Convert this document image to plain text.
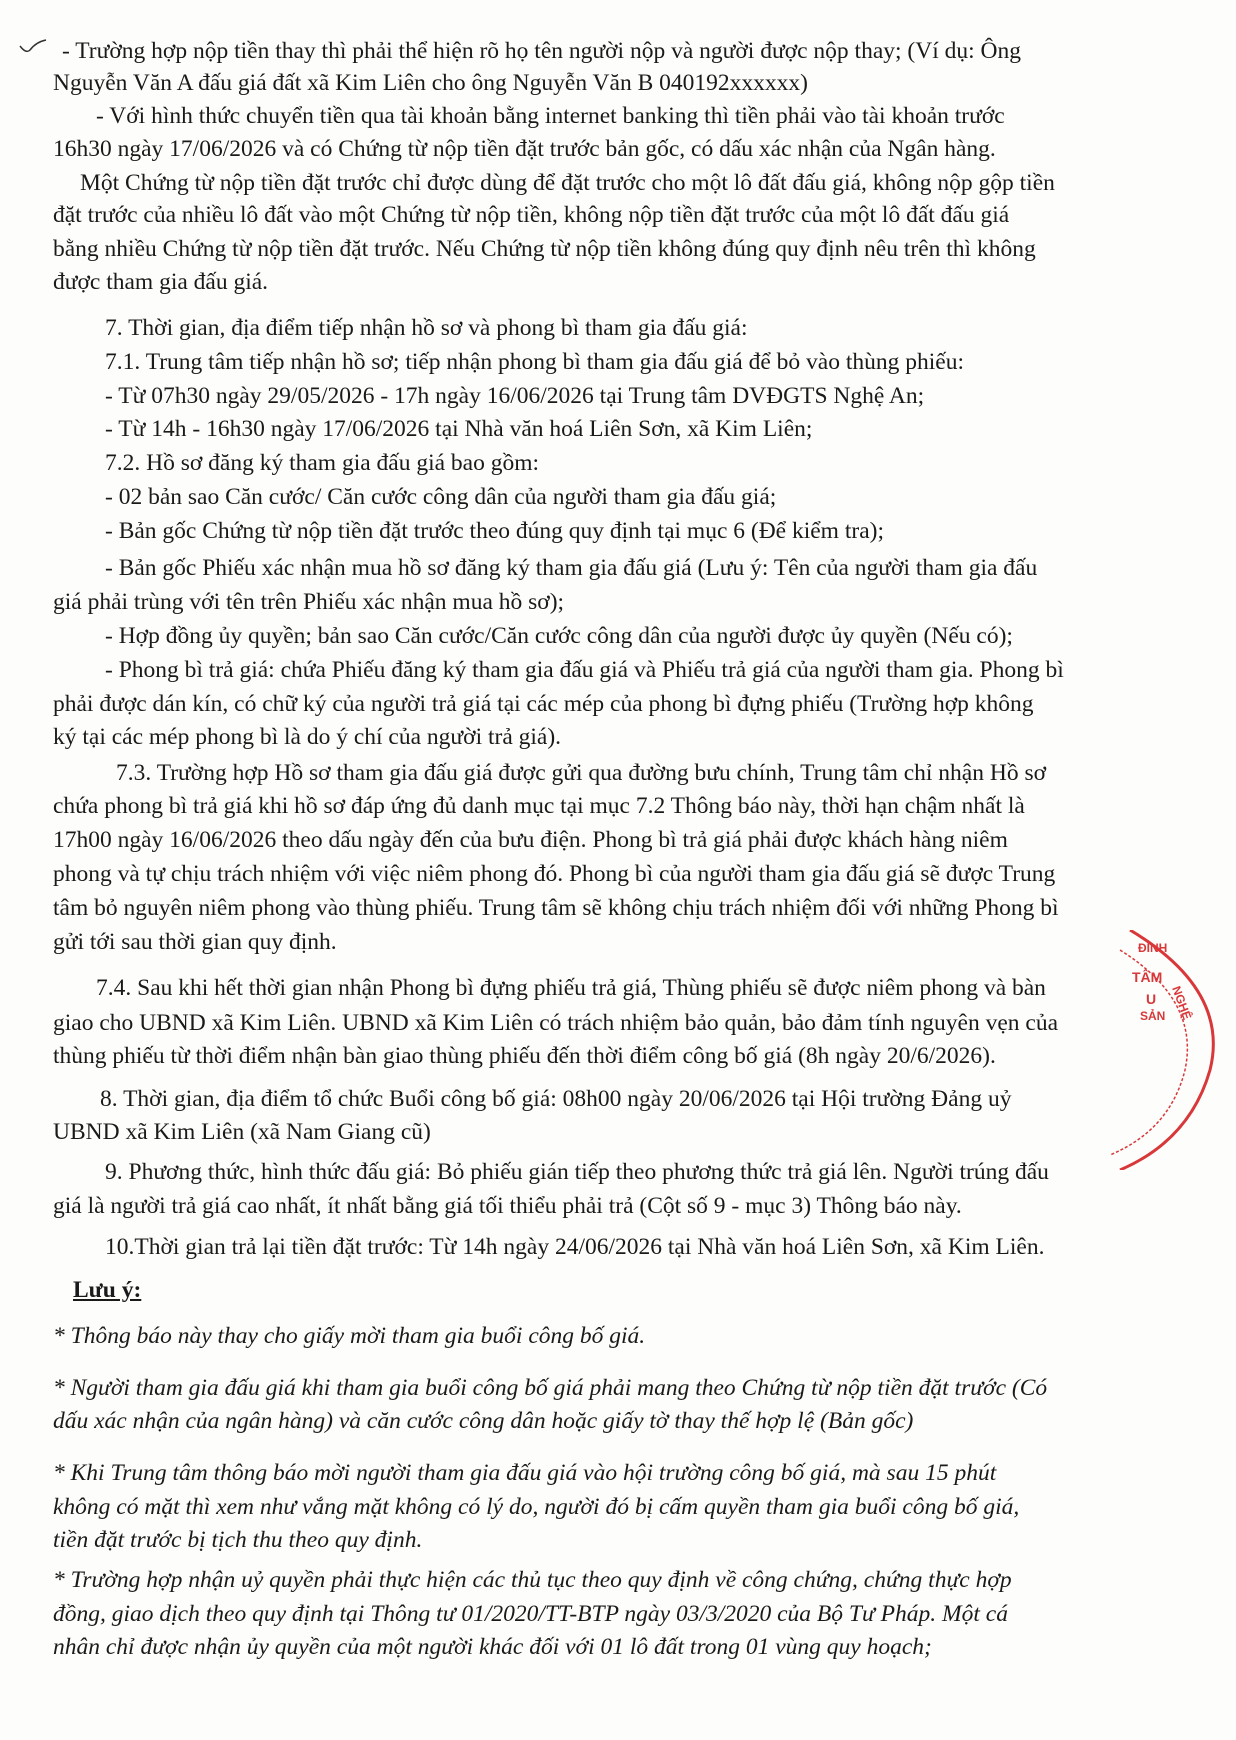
- Trường hợp nộp tiền thay thì phải thể hiện rõ họ tên người nộp và người được nộp thay; (Ví dụ: Ông

Nguyễn Văn A đấu giá đất xã Kim Liên cho ông Nguyễn Văn B 040192xxxxxx)

- Với hình thức chuyển tiền qua tài khoản bằng internet banking thì tiền phải vào tài khoản trước

16h30 ngày 17/06/2026 và có Chứng từ nộp tiền đặt trước bản gốc, có dấu xác nhận của Ngân hàng.

Một Chứng từ nộp tiền đặt trước chỉ được dùng để đặt trước cho một lô đất đấu giá, không nộp gộp tiền

đặt trước của nhiều lô đất vào một Chứng từ nộp tiền, không nộp tiền đặt trước của một lô đất đấu giá

bằng nhiều Chứng từ nộp tiền đặt trước. Nếu Chứng từ nộp tiền không đúng quy định nêu trên thì không

được tham gia đấu giá.

7. Thời gian, địa điểm tiếp nhận hồ sơ và phong bì tham gia đấu giá:

7.1. Trung tâm tiếp nhận hồ sơ; tiếp nhận phong bì tham gia đấu giá để bỏ vào thùng phiếu:

- Từ 07h30 ngày 29/05/2026 - 17h ngày 16/06/2026 tại Trung tâm DVĐGTS Nghệ An;

- Từ 14h - 16h30 ngày 17/06/2026 tại Nhà văn hoá Liên Sơn, xã Kim Liên;

7.2. Hồ sơ đăng ký tham gia đấu giá bao gồm:

- 02 bản sao Căn cước/ Căn cước công dân của người tham gia đấu giá;

- Bản gốc Chứng từ nộp tiền đặt trước theo đúng quy định tại mục 6 (Để kiểm tra);

- Bản gốc Phiếu xác nhận mua hồ sơ đăng ký tham gia đấu giá (Lưu ý: Tên của người tham gia đấu

giá phải trùng với tên trên Phiếu xác nhận mua hồ sơ);

- Hợp đồng ủy quyền; bản sao Căn cước/Căn cước công dân của người được ủy quyền (Nếu có);

- Phong bì trả giá: chứa Phiếu đăng ký tham gia đấu giá và Phiếu trả giá của người tham gia. Phong bì

phải được dán kín, có chữ ký của người trả giá tại các mép của phong bì đựng phiếu (Trường hợp không

ký tại các mép phong bì là do ý chí của người trả giá).

7.3. Trường hợp Hồ sơ tham gia đấu giá được gửi qua đường bưu chính, Trung tâm chỉ nhận Hồ sơ

chứa phong bì trả giá khi hồ sơ đáp ứng đủ danh mục tại mục 7.2 Thông báo này, thời hạn chậm nhất là

17h00 ngày 16/06/2026 theo dấu ngày đến của bưu điện. Phong bì trả giá phải được khách hàng niêm

phong và tự chịu trách nhiệm với việc niêm phong đó. Phong bì của người tham gia đấu giá sẽ được Trung

tâm bỏ nguyên niêm phong vào thùng phiếu. Trung tâm sẽ không chịu trách nhiệm đối với những Phong bì

gửi tới sau thời gian quy định.

7.4. Sau khi hết thời gian nhận Phong bì đựng phiếu trả giá, Thùng phiếu sẽ được niêm phong và bàn

giao cho UBND xã Kim Liên. UBND xã Kim Liên có trách nhiệm bảo quản, bảo đảm tính nguyên vẹn của

thùng phiếu từ thời điểm nhận bàn giao thùng phiếu đến thời điểm công bố giá (8h ngày 20/6/2026).

8. Thời gian, địa điểm tổ chức Buổi công bố giá: 08h00 ngày 20/06/2026 tại Hội trường Đảng uỷ

UBND xã Kim Liên (xã Nam Giang cũ)

9. Phương thức, hình thức đấu giá: Bỏ phiếu gián tiếp theo phương thức trả giá lên. Người trúng đấu

giá là người trả giá cao nhất, ít nhất bằng giá tối thiểu phải trả (Cột số 9 - mục 3) Thông báo này.

10.Thời gian trả lại tiền đặt trước: Từ 14h ngày 24/06/2026 tại Nhà văn hoá Liên Sơn, xã Kim Liên.

Lưu ý:

* Thông báo này thay cho giấy mời tham gia buổi công bố giá.

* Người tham gia đấu giá khi tham gia buổi công bố giá phải mang theo Chứng từ nộp tiền đặt trước (Có

dấu xác nhận của ngân hàng) và căn cước công dân hoặc giấy tờ thay thế hợp lệ (Bản gốc)

* Khi Trung tâm thông báo mời người tham gia đấu giá vào hội trường công bố giá, mà sau 15 phút

không có mặt thì xem như vắng mặt không có lý do, người đó bị cấm quyền tham gia buổi công bố giá,

tiền đặt trước bị tịch thu theo quy định.

* Trường hợp nhận uỷ quyền phải thực hiện các thủ tục theo quy định về công chứng, chứng thực hợp

đồng, giao dịch theo quy định tại Thông tư 01/2020/TT-BTP ngày 03/3/2020 của Bộ Tư Pháp. Một cá

nhân chỉ được nhận ủy quyền của một người khác đối với 01 lô đất trong 01 vùng quy hoạch;

ĐINH
TÂM
NGHỆ
U
SẢN
